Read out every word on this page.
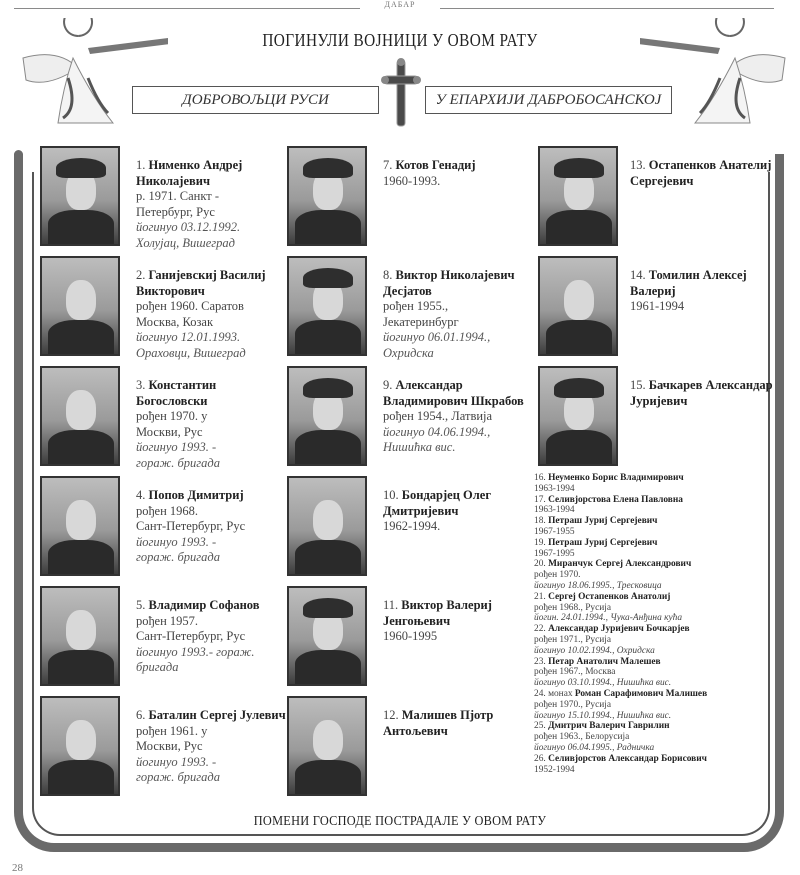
ДАБАР
ПОГИНУЛИ ВОЈНИЦИ У ОВОМ РАТУ
ДОБРОВОЉЦИ РУСИ	У ЕПАРХИЈИ ДАБРОБОСАНСКОЈ
1. Нименко Андреј Николајевич
р. 1971. Санкт -
Петербург, Рус
йогинуо 03.12.1992.
Холујац, Вишеград
2. Ганијевскиј Василиј Викторович
рођен 1960. Саратов
Москва, Козак
йогинуо 12.01.1993.
Ораховци, Вишеград
3. Константин Богословски
рођен 1970. у
Москви, Рус
йогинуо 1993. -
гораж. бригада
4. Попов Димитриј
рођен 1968.
Сант-Петербург, Рус
йогинуо 1993. -
гораж. бригада
5. Владимир Софанов
рођен 1957.
Сант-Петербург, Рус
йогинуо 1993.- гораж.
бригада
6. Баталин Сергеј Јулевич
рођен 1961. у
Москви, Рус
йогинуо 1993. -
гораж. бригада
7. Котов Генадиј
1960-1993.
8. Виктор Николајевич Десјатов
рођен 1955.,
Јекатеринбург
йогинуо 06.01.1994.,
Охридска
9. Александар Владимирович Шкрабов
рођен 1954., Латвија
йогинуо 04.06.1994.,
Нишићка вис.
10. Бондарјец Олег Дмитријевич
1962-1994.
11. Виктор Валериј Јенгоњевич
1960-1995
12. Малишев Пјотр Антољевич
13. Остапенков Анателиј Сергејевич
14. Томилин Алексеј Валериј
1961-1994
15. Бачкарев Александар Јуријевич
16. Неуменко Борис Владимирович
1963-1994
17. Селивјорстова Елена Павловна
1963-1994
18. Петраш Јуриј Сергејевич
1967-1955
19. Петраш Јуриј Сергејевич
1967-1995
20. Миранчук Сергеј Александрович
рођен 1970.
йогинуо 18.06.1995., Тресковица
21. Сергеј Остапенков Анатолиј
рођен 1968., Русија
йогин. 24.01.1994., Чука-Анђина кућа
22. Александар Јуријевич Бочкарјев
рођен 1971., Русија
йогинуо 10.02.1994., Охридска
23. Петар Анатолич Малешев
рођен 1967., Москва
йогинуо 03.10.1994., Нишићка вис.
24. монах Роман Сарафимович Малишев
рођен 1970., Русија
йогинуо 15.10.1994., Нишићка вис.
25. Дмитрич Валерич Гаврилин
рођен 1963., Белорусија
йогинуо 06.04.1995., Радничка
26. Селивјорстов Александар Борисович
1952-1994
ПОМЕНИ ГОСПОДЕ ПОСТРАДАЛЕ У ОВОМ РАТУ
28
